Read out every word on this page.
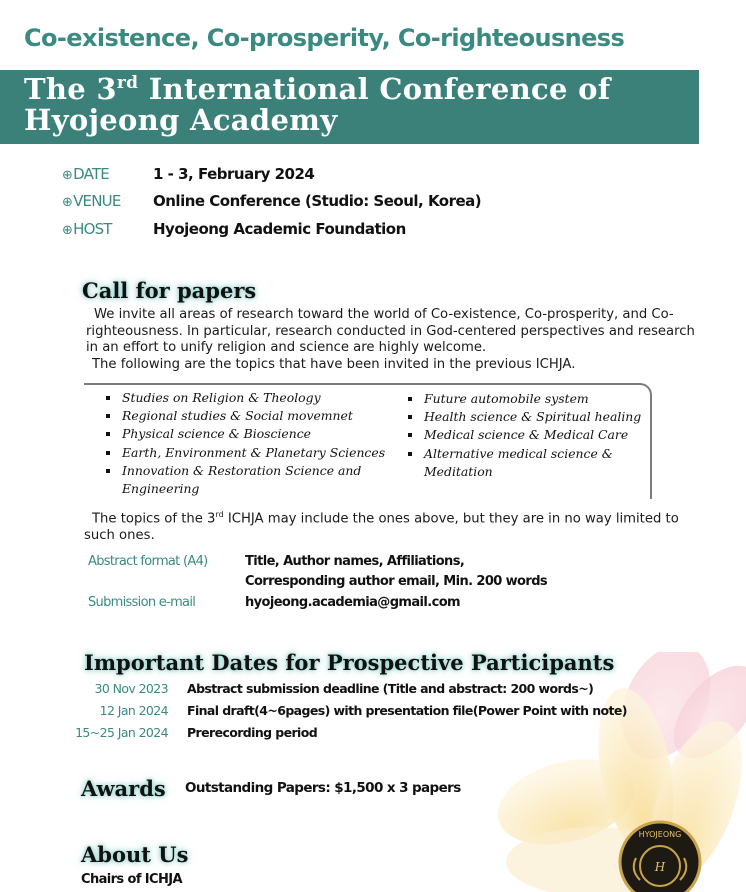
Co-existence, Co-prosperity, Co-righteousness
The 3rd International Conference of
Hyojeong Academy
⊕DATE	1 - 3, February 2024
⊕VENUE Online Conference (Studio: Seoul, Korea)
⊕HOST	Hyojeong Academic Foundation
Call for papers
We invite all areas of research toward the world of Co-existence, Co-prosperity, and Co-
righteousness. In particular, research conducted in God-centered perspectives and research
in an effort to unify religion and science are highly welcome.
The following are the topics that have been invited in the previous ICHJA.
Studies on Religion & Theology
Regional studies & Social movemnet
Physical science & Bioscience
Earth, Environment & Planetary Sciences
Innovation & Restoration Science and
Engineering
Future automobile system
Health science & Spiritual healing
Medical science & Medical Care
Alternative medical science &
Meditation
The topics of the 3rd ICHJA may include the ones above, but they are in no way limited to
such ones.
Abstract format (A4)	Title, Author names, Affiliations,
Corresponding author email, Min. 200 words
Submission e-mail	hyojeong.academia@gmail.com
Important Dates for Prospective Participants
30 Nov 2023 Abstract submission deadline (Title and abstract: 200 words~)
12 Jan 2024 Final draft(4~6pages) with presentation file(Power Point with note)
15~25 Jan 2024 Prerecording period
Awards Outstanding Papers: $1,500 x 3 papers
About Us
Chairs of ICHJA
HYOJEONG
H
